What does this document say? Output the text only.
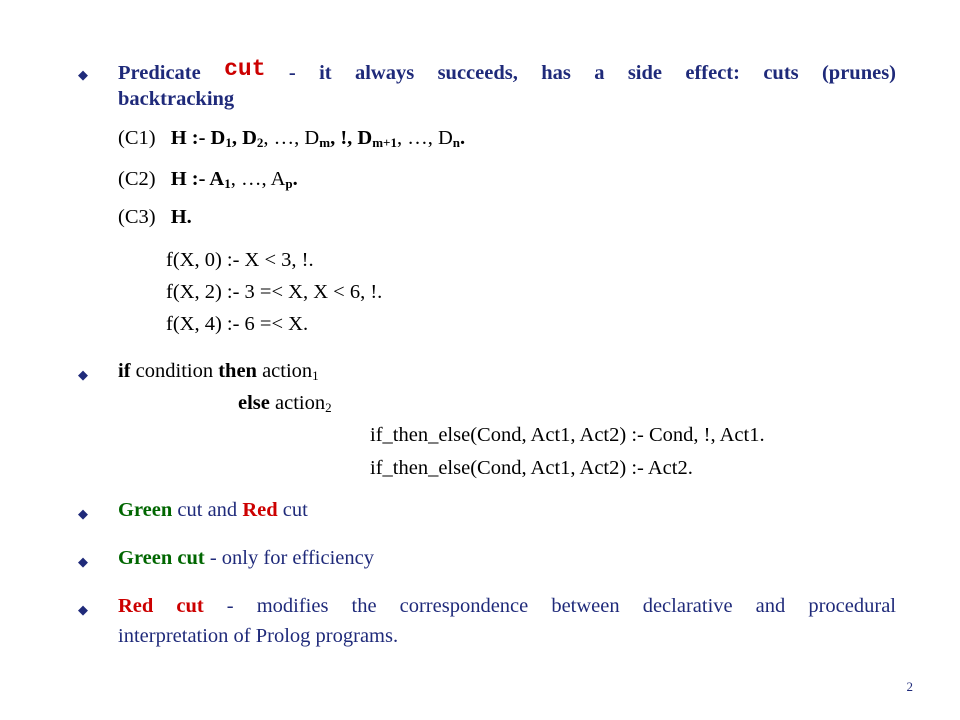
◆ Predicate cut - it always succeeds, has a side effect: cuts (prunes)
backtracking
(C1) H :- $D_1$, $D_2$, …, $D_m$, !, $D_{m+1}$, …, $D_n$.
(C2) H :- $A_1$, …, $A_p$.
(C3) H.
f(X, 0) :- X < 3, !.
f(X, 2) :- 3 =< X, X < 6, !.
f(X, 4) :- 6 =< X.
◆ if condition then action$_1$
else action$_2$
if_then_else(Cond, Act1, Act2) :- Cond, !, Act1.
if_then_else(Cond, Act1, Act2) :- Act2.
◆ Green cut and Red cut
◆ Green cut - only for efficiency
◆ Red cut - modifies the correspondence between declarative and procedural
interpretation of Prolog programs.
2
